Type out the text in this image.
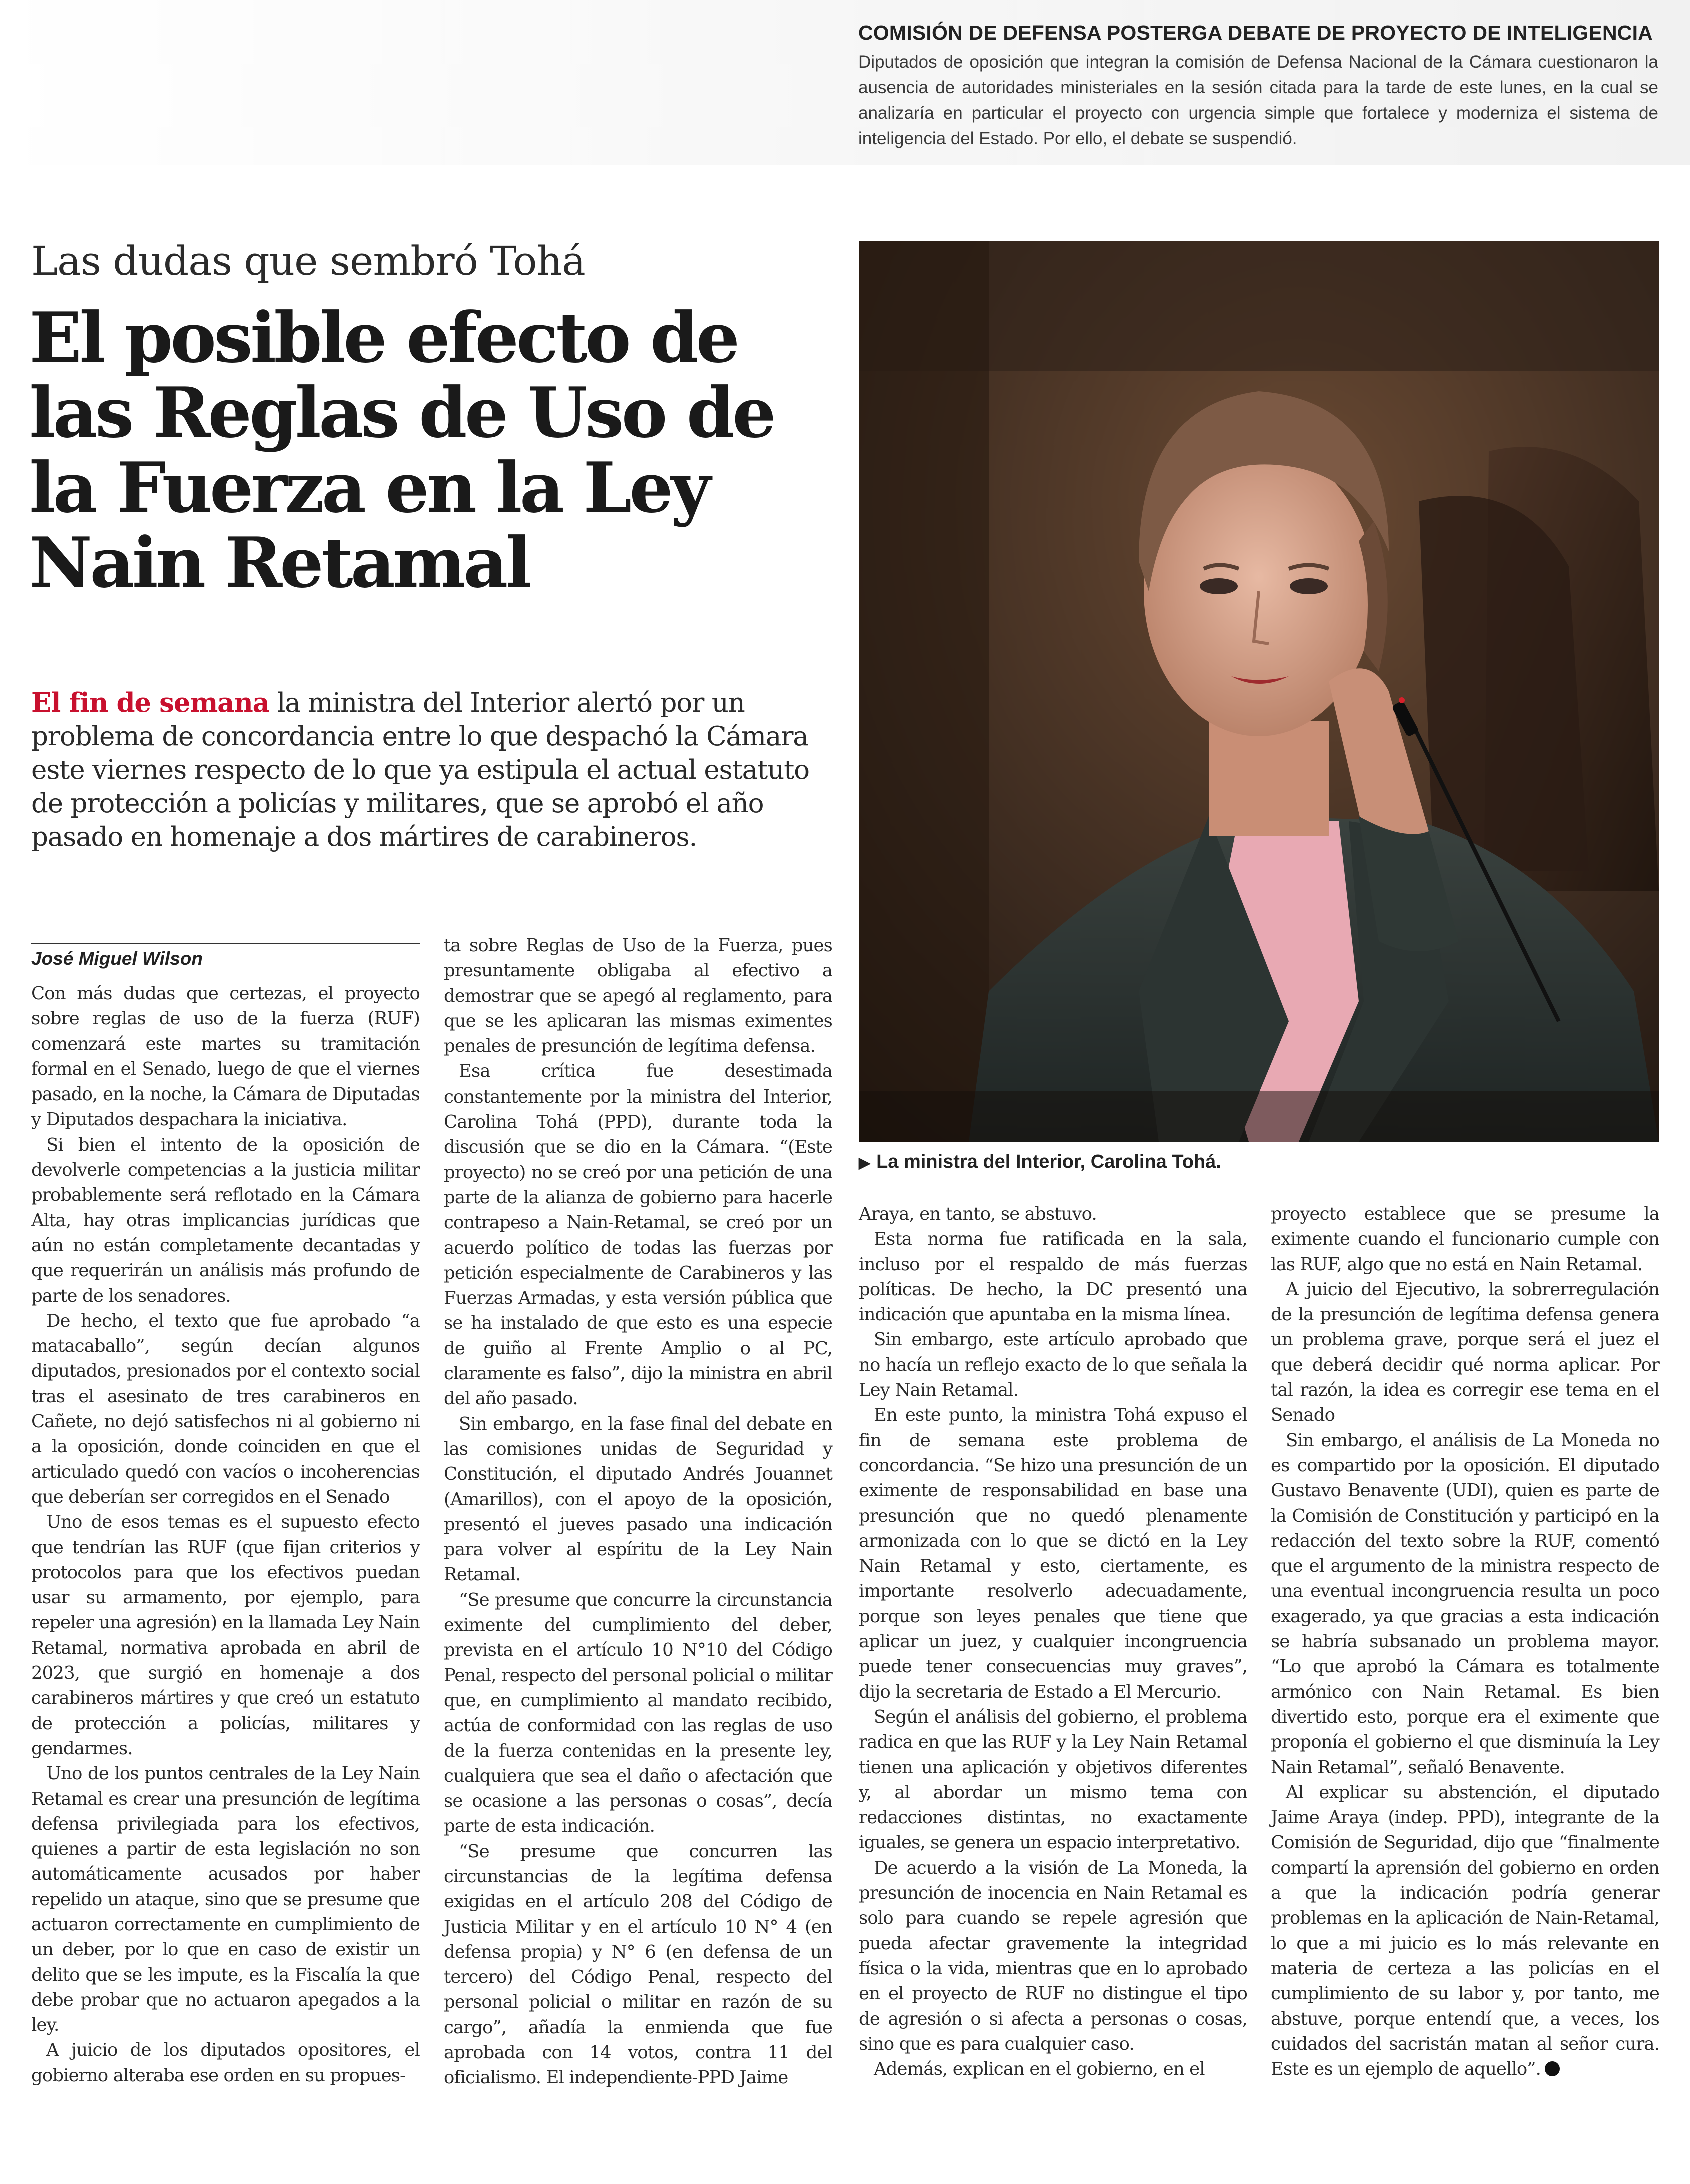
COMISIÓN DE DEFENSA POSTERGA DEBATE DE PROYECTO DE INTELIGENCIA
Diputados de oposición que integran la comisión de Defensa Nacional de la Cámara cuestionaron la ausencia de autoridades ministeriales en la sesión citada para la tarde de este lunes, en la cual se analizaría en particular el proyecto con urgencia simple que fortalece y moderniza el sistema de inteligencia del Estado. Por ello, el debate se suspendió.
Las dudas que sembró Tohá
El posible efecto de las Reglas de Uso de la Fuerza en la Ley Nain Retamal
El fin de semana la ministra del Interior alertó por un problema de concordancia entre lo que despachó la Cámara este viernes respecto de lo que ya estipula el actual estatuto de protección a policías y militares, que se aprobó el año pasado en homenaje a dos mártires de carabineros.
▶ La ministra del Interior, Carolina Tohá.
José Miguel Wilson

Con más dudas que certezas, el proyecto sobre reglas de uso de la fuerza (RUF) comenzará este martes su tramitación formal en el Senado, luego de que el viernes pasado, en la noche, la Cámara de Diputadas y Diputados despachara la iniciativa.

Si bien el intento de la oposición de devolverle competencias a la justicia militar probablemente será reflotado en la Cámara Alta, hay otras implicancias jurídicas que aún no están completamente decantadas y que requerirán un análisis más profundo de parte de los senadores.

De hecho, el texto que fue aprobado “a matacaballo”, según decían algunos diputados, presionados por el contexto social tras el asesinato de tres carabineros en Cañete, no dejó satisfechos ni al gobierno ni a la oposición, donde coinciden en que el articulado quedó con vacíos o incoherencias que deberían ser corregidos en el Senado

Uno de esos temas es el supuesto efecto que tendrían las RUF (que fijan criterios y protocolos para que los efectivos puedan usar su armamento, por ejemplo, para repeler una agresión) en la llamada Ley Nain Retamal, normativa aprobada en abril de 2023, que surgió en homenaje a dos carabineros mártires y que creó un estatuto de protección a policías, militares y gendarmes.

Uno de los puntos centrales de la Ley Nain Retamal es crear una presunción de legítima defensa privilegiada para los efectivos, quienes a partir de esta legislación no son automáticamente acusados por haber repelido un ataque, sino que se presume que actuaron correctamente en cumplimiento de un deber, por lo que en caso de existir un delito que se les impute, es la Fiscalía la que debe probar que no actuaron apegados a la ley.

A juicio de los diputados opositores, el gobierno alteraba ese orden en su propues-

ta sobre Reglas de Uso de la Fuerza, pues presuntamente obligaba al efectivo a demostrar que se apegó al reglamento, para que se les aplicaran las mismas eximentes penales de presunción de legítima defensa.

Esa crítica fue desestimada constantemente por la ministra del Interior, Carolina Tohá (PPD), durante toda la discusión que se dio en la Cámara. “(Este proyecto) no se creó por una petición de una parte de la alianza de gobierno para hacerle contrapeso a Nain-Retamal, se creó por un acuerdo político de todas las fuerzas por petición especialmente de Carabineros y las Fuerzas Armadas, y esta versión pública que se ha instalado de que esto es una especie de guiño al Frente Amplio o al PC, claramente es falso”, dijo la ministra en abril del año pasado.

Sin embargo, en la fase final del debate en las comisiones unidas de Seguridad y Constitución, el diputado Andrés Jouannet (Amarillos), con el apoyo de la oposición, presentó el jueves pasado una indicación para volver al espíritu de la Ley Nain Retamal.

“Se presume que concurre la circunstancia eximente del cumplimiento del deber, prevista en el artículo 10 N°10 del Código Penal, respecto del personal policial o militar que, en cumplimiento al mandato recibido, actúa de conformidad con las reglas de uso de la fuerza contenidas en la presente ley, cualquiera que sea el daño o afectación que se ocasione a las personas o cosas”, decía parte de esta indicación.

“Se presume que concurren las circunstancias de la legítima defensa exigidas en el artículo 208 del Código de Justicia Militar y en el artículo 10 N° 4 (en defensa propia) y N° 6 (en defensa de un tercero) del Código Penal, respecto del personal policial o militar en razón de su cargo”, añadía la enmienda que fue aprobada con 14 votos, contra 11 del oficialismo. El independiente-PPD Jaime

Araya, en tanto, se abstuvo.

Esta norma fue ratificada en la sala, incluso por el respaldo de más fuerzas políticas. De hecho, la DC presentó una indicación que apuntaba en la misma línea.

Sin embargo, este artículo aprobado que no hacía un reflejo exacto de lo que señala la Ley Nain Retamal.

En este punto, la ministra Tohá expuso el fin de semana este problema de concordancia. “Se hizo una presunción de un eximente de responsabilidad en base una presunción que no quedó plenamente armonizada con lo que se dictó en la Ley Nain Retamal y esto, ciertamente, es importante resolverlo adecuadamente, porque son leyes penales que tiene que aplicar un juez, y cualquier incongruencia puede tener consecuencias muy graves”, dijo la secretaria de Estado a El Mercurio.

Según el análisis del gobierno, el problema radica en que las RUF y la Ley Nain Retamal tienen una aplicación y objetivos diferentes y, al abordar un mismo tema con redacciones distintas, no exactamente iguales, se genera un espacio interpretativo.

De acuerdo a la visión de La Moneda, la presunción de inocencia en Nain Retamal es solo para cuando se repele agresión que pueda afectar gravemente la integridad física o la vida, mientras que en lo aprobado en el proyecto de RUF no distingue el tipo de agresión o si afecta a personas o cosas, sino que es para cualquier caso.

Además, explican en el gobierno, en el

proyecto establece que se presume la eximente cuando el funcionario cumple con las RUF, algo que no está en Nain Retamal.

A juicio del Ejecutivo, la sobrerregulación de la presunción de legítima defensa genera un problema grave, porque será el juez el que deberá decidir qué norma aplicar. Por tal razón, la idea es corregir ese tema en el Senado

Sin embargo, el análisis de La Moneda no es compartido por la oposición. El diputado Gustavo Benavente (UDI), quien es parte de la Comisión de Constitución y participó en la redacción del texto sobre la RUF, comentó que el argumento de la ministra respecto de una eventual incongruencia resulta un poco exagerado, ya que gracias a esta indicación se habría subsanado un problema mayor. “Lo que aprobó la Cámara es totalmente armónico con Nain Retamal. Es bien divertido esto, porque era el eximente que proponía el gobierno el que disminuía la Ley Nain Retamal”, señaló Benavente.

Al explicar su abstención, el diputado Jaime Araya (indep. PPD), integrante de la Comisión de Seguridad, dijo que “finalmente compartí la aprensión del gobierno en orden a que la indicación podría generar problemas en la aplicación de Nain-Retamal, lo que a mi juicio es lo más relevante en materia de certeza a las policías en el cumplimiento de su labor y, por tanto, me abstuve, porque entendí que, a veces, los cuidados del sacristán matan al señor cura. Este es un ejemplo de aquello”.
